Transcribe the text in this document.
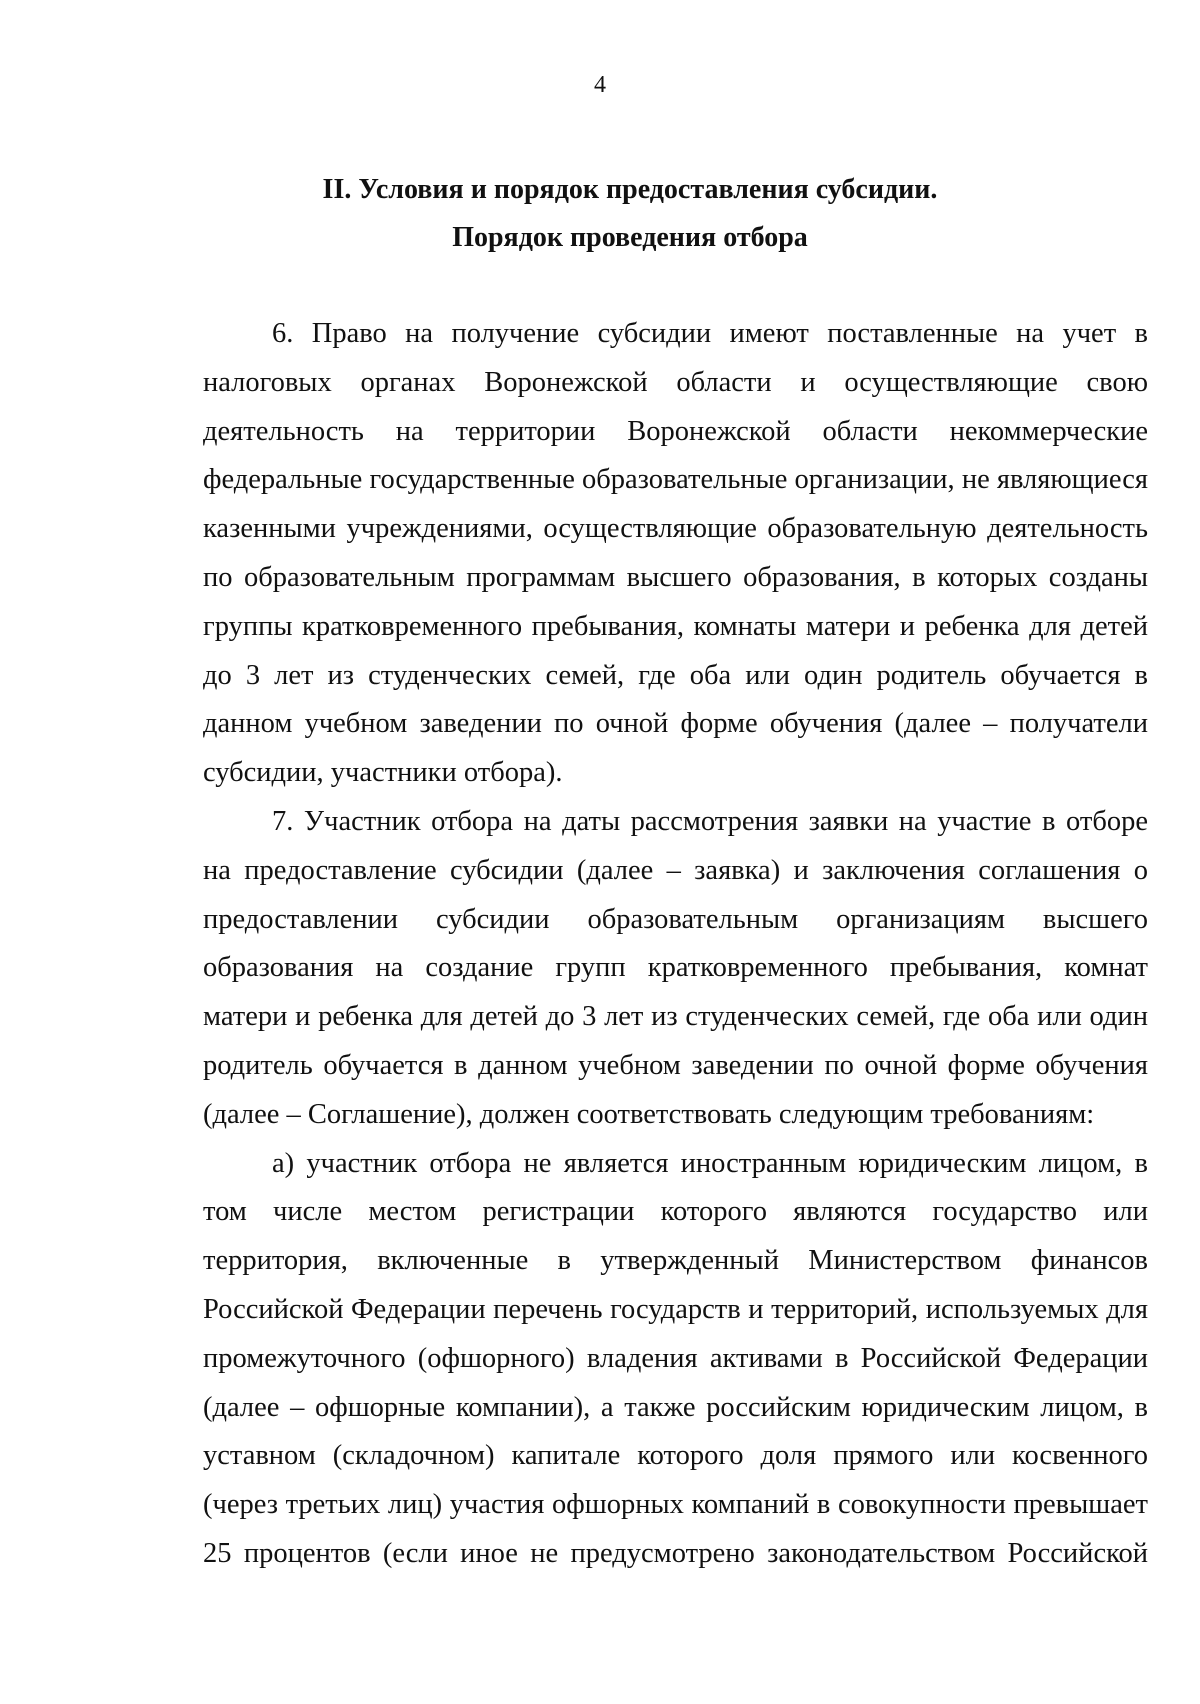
4
II. Условия и порядок предоставления субсидии.
Порядок проведения отбора

6. Право на получение субсидии имеют поставленные на учет в налоговых органах Воронежской области и осуществляющие свою деятельность на территории Воронежской области некоммерческие федеральные государственные образовательные организации, не являющиеся казенными учреждениями, осуществляющие образовательную деятельность по образовательным программам высшего образования, в которых созданы группы кратковременного пребывания, комнаты матери и ребенка для детей до 3 лет из студенческих семей, где оба или один родитель обучается в данном учебном заведении по очной форме обучения (далее – получатели субсидии, участники отбора).

7. Участник отбора на даты рассмотрения заявки на участие в отборе на предоставление субсидии (далее – заявка) и заключения соглашения о предоставлении субсидии образовательным организациям высшего образования на создание групп кратковременного пребывания, комнат матери и ребенка для детей до 3 лет из студенческих семей, где оба или один родитель обучается в данном учебном заведении по очной форме обучения (далее – Соглашение), должен соответствовать следующим требованиям:

а) участник отбора не является иностранным юридическим лицом, в том числе местом регистрации которого являются государство или территория, включенные в утвержденный Министерством финансов Российской Федерации перечень государств и территорий, используемых для промежуточного (офшорного) владения активами в Российской Федерации (далее – офшорные компании), а также российским юридическим лицом, в уставном (складочном) капитале которого доля прямого или косвенного (через третьих лиц) участия офшорных компаний в совокупности превышает 25 процентов (если иное не предусмотрено законодательством Российской
